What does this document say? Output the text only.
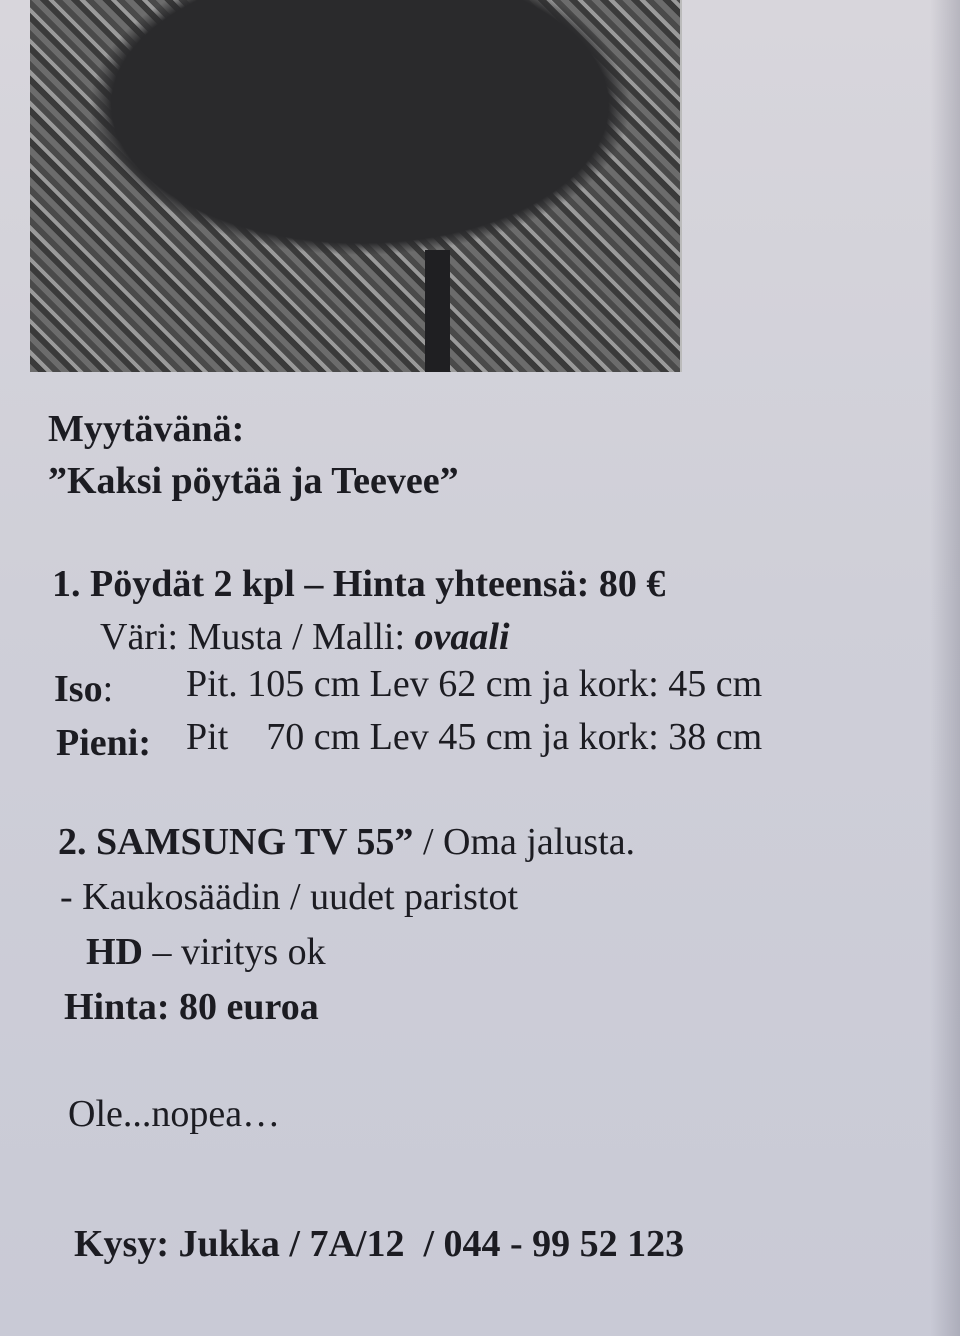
Myytävänä:
”Kaksi pöytää ja Teevee”
1. Pöydät 2 kpl – Hinta yhteensä: 80 €
Väri: Musta / Malli: ovaali
Iso: Pit. 105 cm Lev 62 cm ja kork: 45 cm
Pieni: Pit    70 cm Lev 45 cm ja kork: 38 cm
2. SAMSUNG TV 55” / Oma jalusta.
- Kaukosäädin / uudet paristot
HD – viritys ok
Hinta: 80 euroa
Ole...nopea…
Kysy: Jukka / 7A/12  / 044 - 99 52 123
